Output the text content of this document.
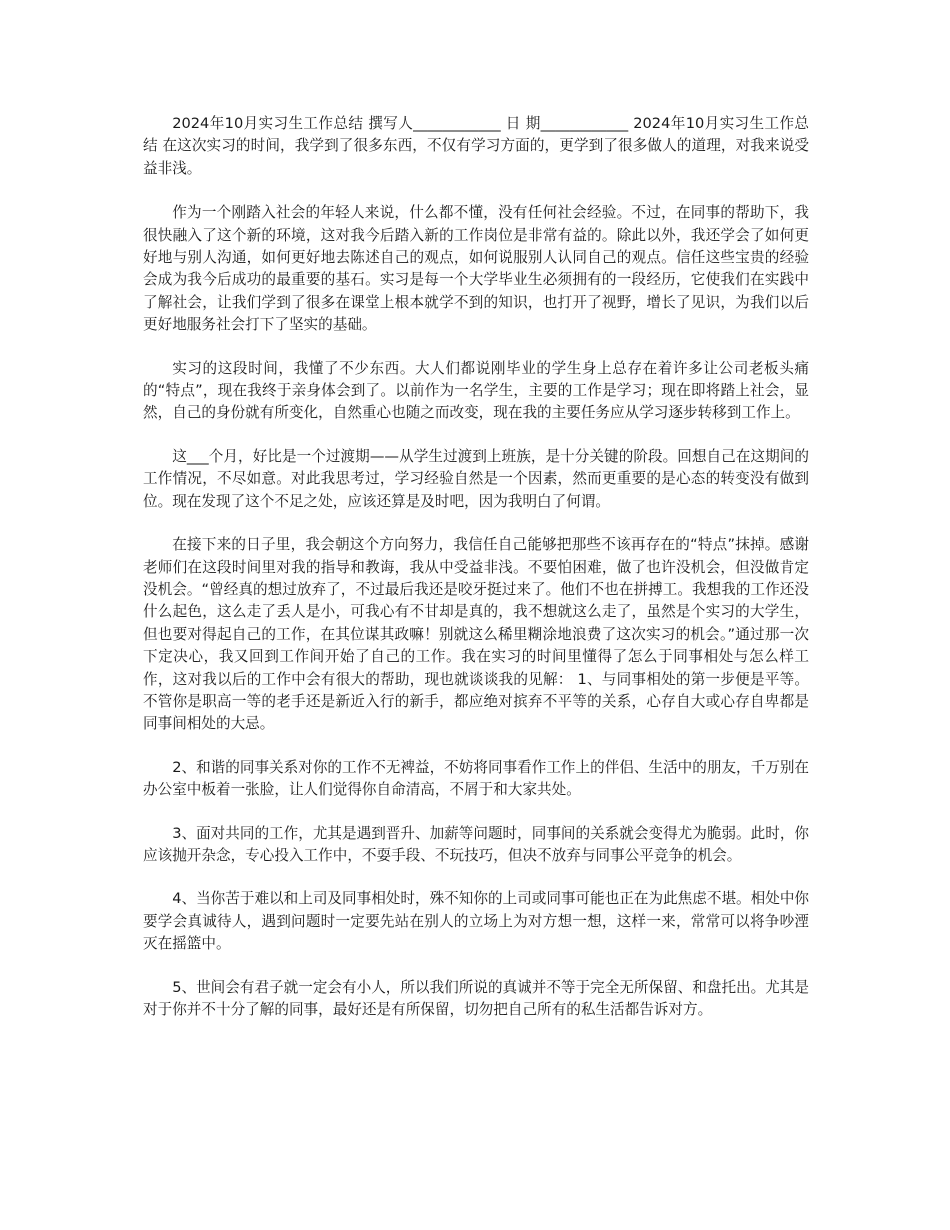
2024年10月实习生工作总结 撰写人____________ 日 期____________ 2024年10月实习生工作总结 在这次实习的时间，我学到了很多东西，不仅有学习方面的，更学到了很多做人的道理，对我来说受益非浅。

作为一个刚踏入社会的年轻人来说，什么都不懂，没有任何社会经验。不过，在同事的帮助下，我很快融入了这个新的环境，这对我今后踏入新的工作岗位是非常有益的。除此以外，我还学会了如何更好地与别人沟通，如何更好地去陈述自己的观点，如何说服别人认同自己的观点。信任这些宝贵的经验会成为我今后成功的最重要的基石。实习是每一个大学毕业生必须拥有的一段经历，它使我们在实践中了解社会，让我们学到了很多在课堂上根本就学不到的知识，也打开了视野，增长了见识，为我们以后更好地服务社会打下了坚实的基础。

实习的这段时间，我懂了不少东西。大人们都说刚毕业的学生身上总存在着许多让公司老板头痛的“特点”，现在我终于亲身体会到了。以前作为一名学生，主要的工作是学习；现在即将踏上社会，显然，自己的身份就有所变化，自然重心也随之而改变，现在我的主要任务应从学习逐步转移到工作上。

这___个月，好比是一个过渡期——从学生过渡到上班族，是十分关键的阶段。回想自己在这期间的工作情况，不尽如意。对此我思考过，学习经验自然是一个因素，然而更重要的是心态的转变没有做到位。现在发现了这个不足之处，应该还算是及时吧，因为我明白了何谓。

在接下来的日子里，我会朝这个方向努力，我信任自己能够把那些不该再存在的“特点”抹掉。感谢老师们在这段时间里对我的指导和教诲，我从中受益非浅。不要怕困难，做了也许没机会，但没做肯定没机会。“曾经真的想过放弃了，不过最后我还是咬牙挺过来了。他们不也在拼搏工。我想我的工作还没什么起色，这么走了丢人是小，可我心有不甘却是真的，我不想就这么走了，虽然是个实习的大学生，但也要对得起自己的工作，在其位谋其政嘛！别就这么稀里糊涂地浪费了这次实习的机会。”通过那一次下定决心，我又回到工作间开始了自己的工作。我在实习的时间里懂得了怎么于同事相处与怎么样工作，这对我以后的工作中会有很大的帮助，现也就谈谈我的见解： 1、与同事相处的第一步便是平等。不管你是职高一等的老手还是新近入行的新手，都应绝对摈弃不平等的关系，心存自大或心存自卑都是同事间相处的大忌。

2、和谐的同事关系对你的工作不无裨益，不妨将同事看作工作上的伴侣、生活中的朋友，千万别在办公室中板着一张脸，让人们觉得你自命清高，不屑于和大家共处。

3、面对共同的工作，尤其是遇到晋升、加薪等问题时，同事间的关系就会变得尤为脆弱。此时，你应该抛开杂念，专心投入工作中，不耍手段、不玩技巧，但决不放弃与同事公平竞争的机会。

4、当你苦于难以和上司及同事相处时，殊不知你的上司或同事可能也正在为此焦虑不堪。相处中你要学会真诚待人，遇到问题时一定要先站在别人的立场上为对方想一想，这样一来，常常可以将争吵湮灭在摇篮中。

5、世间会有君子就一定会有小人，所以我们所说的真诚并不等于完全无所保留、和盘托出。尤其是对于你并不十分了解的同事，最好还是有所保留，切勿把自己所有的私生活都告诉对方。
